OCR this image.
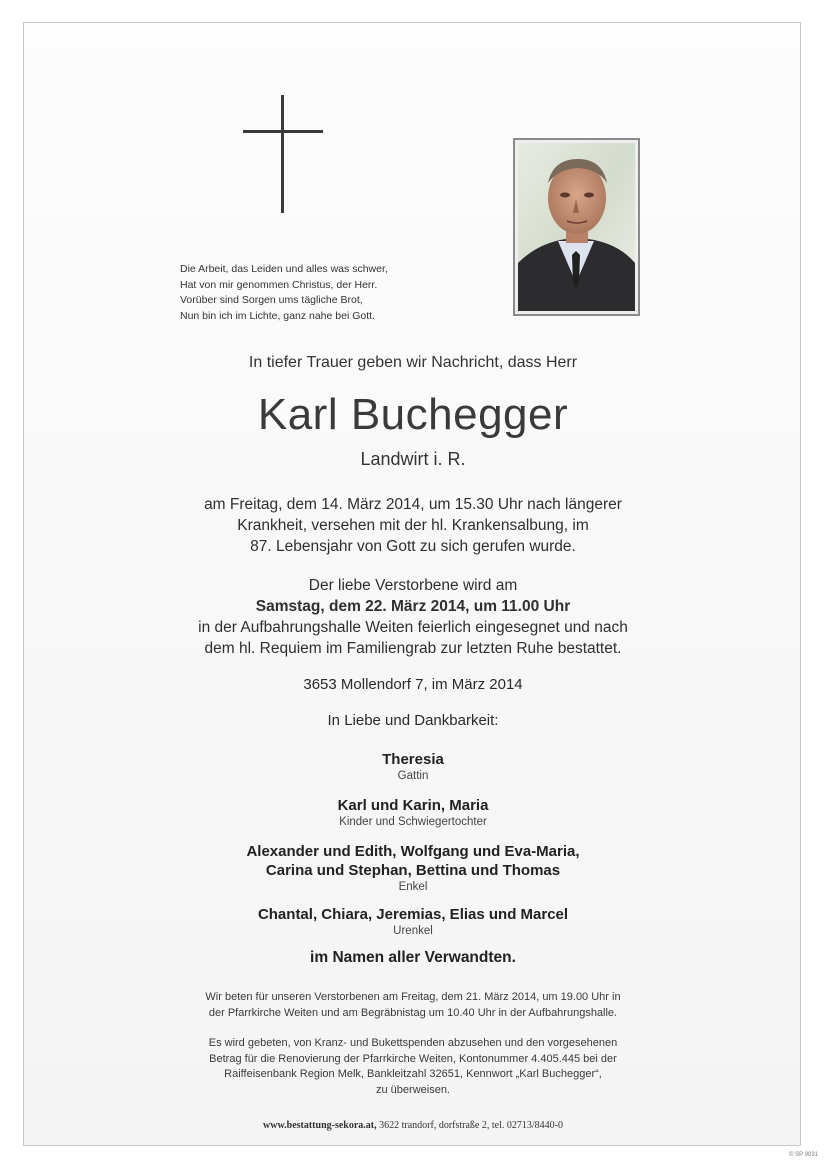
Die Arbeit, das Leiden und alles was schwer,
Hat von mir genommen Christus, der Herr.
Vorüber sind Sorgen ums tägliche Brot,
Nun bin ich im Lichte, ganz nahe bei Gott.
In tiefer Trauer geben wir Nachricht, dass Herr
Karl Buchegger
Landwirt i. R.
am Freitag, dem 14. März 2014, um 15.30 Uhr nach längerer
Krankheit, versehen mit der hl. Krankensalbung, im
87. Lebensjahr von Gott zu sich gerufen wurde.
Der liebe Verstorbene wird am
Samstag, dem 22. März 2014, um 11.00 Uhr
in der Aufbahrungshalle Weiten feierlich eingesegnet und nach
dem hl. Requiem im Familiengrab zur letzten Ruhe bestattet.
3653 Mollendorf 7, im März 2014
In Liebe und Dankbarkeit:
Theresia
Gattin
Karl und Karin, Maria
Kinder und Schwiegertochter
Alexander und Edith, Wolfgang und Eva-Maria,
Carina und Stephan, Bettina und Thomas
Enkel
Chantal, Chiara, Jeremias, Elias und Marcel
Urenkel
im Namen aller Verwandten.
Wir beten für unseren Verstorbenen am Freitag, dem 21. März 2014, um 19.00 Uhr in
der Pfarrkirche Weiten und am Begräbnistag um 10.40 Uhr in der Aufbahrungshalle.
Es wird gebeten, von Kranz- und Bukettspenden abzusehen und den vorgesehenen
Betrag für die Renovierung der Pfarrkirche Weiten, Kontonummer 4.405.445 bei der
Raiffeisenbank Region Melk, Bankleitzahl 32651, Kennwort „Karl Buchegger“,
zu überweisen.
www.bestattung-sekora.at, 3622 trandorf, dorfstraße 2, tel. 02713/8440-0
© SP 9031
